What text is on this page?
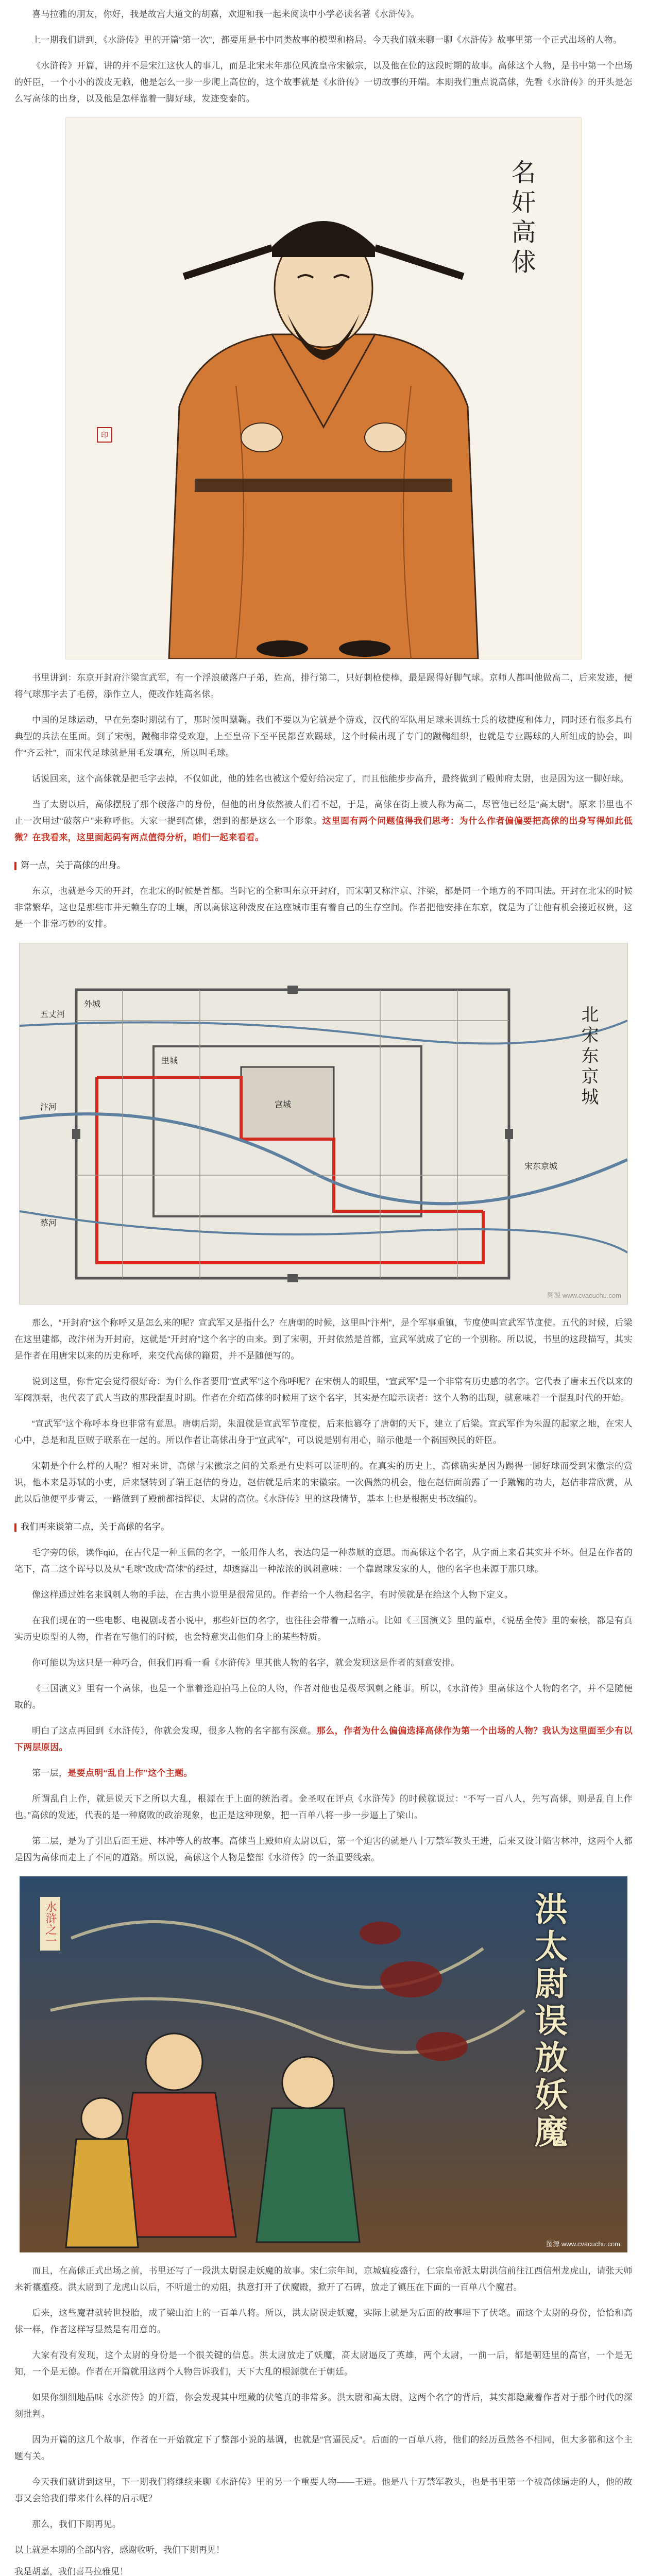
喜马拉雅的朋友，你好，我是故宫大道文的胡嘉，欢迎和我一起来阅读中小学必读名著《水浒传》。

上一期我们讲到，《水浒传》里的开篇“第一次”，都要用是书中同类故事的模型和格局。今天我们就来聊一聊《水浒传》故事里第一个正式出场的人物。

《水浒传》开篇，讲的并不是宋江这伙人的事儿，而是北宋末年那位风流皇帝宋徽宗，以及他在位的这段时期的故事。高俅这个人物，是书中第一个出场的奸臣，一个小小的泼皮无赖，他是怎么一步一步爬上高位的，这个故事就是《水浒传》一切故事的开端。本期我们重点说高俅，先看《水浒传》的开头是怎么写高俅的出身，以及他是怎样靠着一脚好球，发迹变泰的。

名奸高俅
印

书里讲到：东京开封府汴梁宣武军，有一个浮浪破落户子弟，姓高，排行第二，只好刺枪使棒，最是踢得好脚气球。京师人都叫他做高二，后来发迹，便将气球那字去了毛傍，添作立人，便改作姓高名俅。

中国的足球运动，早在先秦时期就有了，那时候叫蹴鞠。我们不要以为它就是个游戏，汉代的军队用足球来训练士兵的敏捷度和体力，同时还有很多具有典型的兵法在里面。到了宋朝，蹴鞠非常受欢迎，上至皇帝下至平民都喜欢踢球，这个时候出现了专门的蹴鞠组织，也就是专业踢球的人所组成的协会，叫作“齐云社”，而宋代足球就是用毛发填充，所以叫毛球。

话说回来，这个高俅就是把毛字去掉，不仅如此，他的姓名也被这个爱好给决定了，而且他能步步高升，最终做到了殿帅府太尉，也是因为这一脚好球。

当了太尉以后，高俅摆脱了那个破落户的身份，但他的出身依然被人们看不起，于是，高俅在街上被人称为高二，尽管他已经是“高太尉”。原来书里也不止一次用过“破落户”来称呼他。大家一提到高俅，想到的都是这么一个形象。这里面有两个问题值得我们思考：为什么作者偏偏要把高俅的出身写得如此低微？在我看来，这里面起码有两点值得分析，咱们一起来看看。

第一点，关于高俅的出身。

东京，也就是今天的开封，在北宋的时候是首都。当时它的全称叫东京开封府，而宋朝又称汴京、汴梁，都是同一个地方的不同叫法。开封在北宋的时候非常繁华，这也是那些市井无赖生存的土壤，所以高俅这种泼皮在这座城市里有着自己的生存空间。作者把他安排在东京，就是为了让他有机会接近权贵，这是一个非常巧妙的安排。

北宋东京城
宋东京城
汴河	宫城
里城
外城
蔡河
五丈河
图源 www.cvacuchu.com

那么，“开封府”这个称呼又是怎么来的呢？宣武军又是指什么？在唐朝的时候，这里叫“汴州”，是个军事重镇，节度使叫宣武军节度使。五代的时候，后梁在这里建都，改汴州为开封府，这就是“开封府”这个名字的由来。到了宋朝，开封依然是首都，宣武军就成了它的一个别称。所以说，书里的这段描写，其实是作者在用唐宋以来的历史称呼，来交代高俅的籍贯，并不是随便写的。

说到这里，你肯定会觉得很好奇：为什么作者要用“宣武军”这个称呼呢？在宋朝人的眼里，“宣武军”是一个非常有历史感的名字。它代表了唐末五代以来的军阀割据，也代表了武人当政的那段混乱时期。作者在介绍高俅的时候用了这个名字，其实是在暗示读者：这个人物的出现，就意味着一个混乱时代的开始。

“宣武军”这个称呼本身也非常有意思。唐朝后期，朱温就是宣武军节度使，后来他篡夺了唐朝的天下，建立了后梁。宣武军作为朱温的起家之地，在宋人心中，总是和乱臣贼子联系在一起的。所以作者让高俅出身于“宣武军”，可以说是别有用心，暗示他是一个祸国殃民的奸臣。

宋朝是个什么样的人呢？相对来讲，高俅与宋徽宗之间的关系是有史料可以证明的。在真实的历史上，高俅确实是因为踢得一脚好球而受到宋徽宗的赏识，他本来是苏轼的小吏，后来辗转到了端王赵佶的身边，赵佶就是后来的宋徽宗。一次偶然的机会，他在赵佶面前露了一手蹴鞠的功夫，赵佶非常欣赏，从此以后他便平步青云，一路做到了殿前都指挥使、太尉的高位。《水浒传》里的这段情节，基本上也是根据史书改编的。

我们再来谈第二点，关于高俅的名字。

毛字旁的俅，读作qiú，在古代是一种玉佩的名字，一般用作人名，表达的是一种恭顺的意思。而高俅这个名字，从字面上来看其实并不坏。但是在作者的笔下，高二这个诨号以及从“毛球”改成“高俅”的经过，却透露出一种浓浓的讽刺意味：一个靠踢球发家的人，他的名字也来源于那只球。

像这样通过姓名来讽刺人物的手法，在古典小说里是很常见的。作者给一个人物起名字，有时候就是在给这个人物下定义。

在我们现在的一些电影、电视剧或者小说中，那些奸臣的名字，也往往会带着一点暗示。比如《三国演义》里的董卓，《说岳全传》里的秦桧，都是有真实历史原型的人物，作者在写他们的时候，也会特意突出他们身上的某些特质。

你可能以为这只是一种巧合，但我们再看一看《水浒传》里其他人物的名字，就会发现这是作者的刻意安排。

《三国演义》里有一个高俅，也是一个靠着逢迎拍马上位的人物，作者对他也是极尽讽刺之能事。所以，《水浒传》里高俅这个人物的名字，并不是随便取的。

明白了这点再回到《水浒传》，你就会发现，很多人物的名字都有深意。那么，作者为什么偏偏选择高俅作为第一个出场的人物？我认为这里面至少有以下两层原因。

第一层，是要点明“乱自上作”这个主题。

所谓乱自上作，就是说天下之所以大乱，根源在于上面的统治者。金圣叹在评点《水浒传》的时候就说过：“不写一百八人，先写高俅，则是乱自上作也。”高俅的发迹，代表的是一种腐败的政治现象，也正是这种现象，把一百单八将一步一步逼上了梁山。

第二层，是为了引出后面王进、林冲等人的故事。高俅当上殿帅府太尉以后，第一个迫害的就是八十万禁军教头王进，后来又设计陷害林冲，这两个人都是因为高俅而走上了不同的道路。所以说，高俅这个人物是整部《水浒传》的一条重要线索。

洪太尉误放妖魔
水浒之一
图源 www.cvacuchu.com

而且，在高俅正式出场之前，书里还写了一段洪太尉误走妖魔的故事。宋仁宗年间，京城瘟疫盛行，仁宗皇帝派太尉洪信前往江西信州龙虎山，请张天师来祈禳瘟疫。洪太尉到了龙虎山以后，不听道士的劝阻，执意打开了伏魔殿，掀开了石碑，放走了镇压在下面的一百单八个魔君。

后来，这些魔君就转世投胎，成了梁山泊上的一百单八将。所以，洪太尉误走妖魔，实际上就是为后面的故事埋下了伏笔。而这个太尉的身份，恰恰和高俅一样，作者这样写显然是有用意的。

大家有没有发现，这个太尉的身份是一个很关键的信息。洪太尉放走了妖魔，高太尉逼反了英雄，两个太尉，一前一后，都是朝廷里的高官，一个是无知，一个是无德。作者在开篇就用这两个人物告诉我们，天下大乱的根源就在于朝廷。

如果你细细地品味《水浒传》的开篇，你会发现其中埋藏的伏笔真的非常多。洪太尉和高太尉，这两个名字的背后，其实都隐藏着作者对于那个时代的深刻批判。

因为开篇的这几个故事，作者在一开始就定下了整部小说的基调，也就是“官逼民反”。后面的一百单八将，他们的经历虽然各不相同，但大多都和这个主题有关。

今天我们就讲到这里，下一期我们将继续来聊《水浒传》里的另一个重要人物——王进。他是八十万禁军教头，也是书里第一个被高俅逼走的人，他的故事又会给我们带来什么样的启示呢？

那么，我们下期再见。

以上就是本期的全部内容，感谢收听，我们下期再见！

我是胡嘉，我们喜马拉雅见！
